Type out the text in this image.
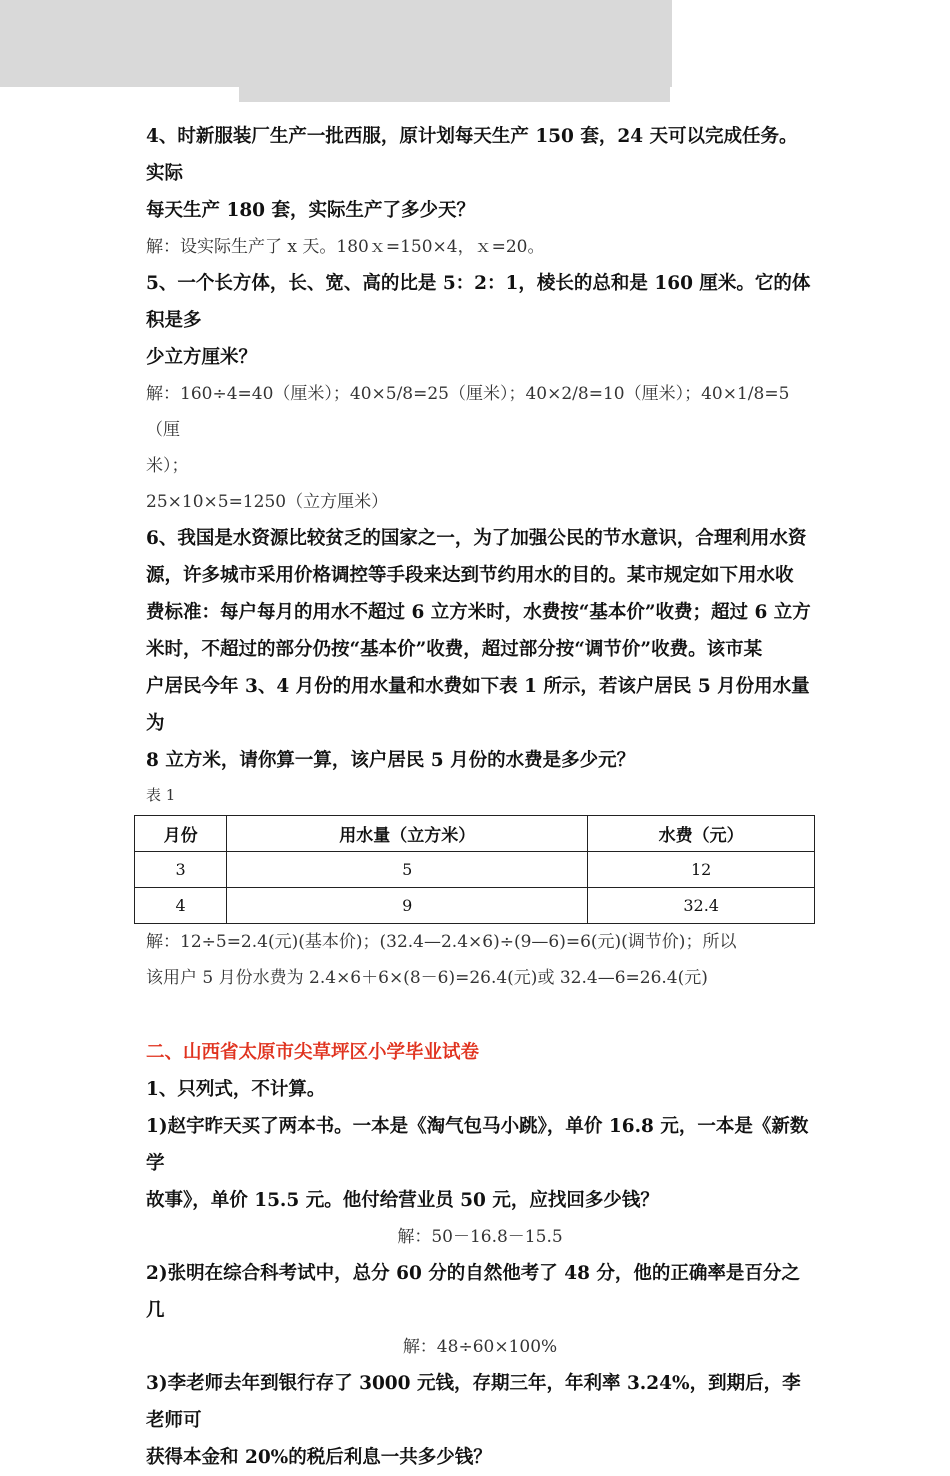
4、时新服装厂生产一批西服，原计划每天生产 150 套，24 天可以完成任务。实际

每天生产 180 套，实际生产了多少天？

解：设实际生产了 x 天。180ｘ=150×4，ｘ=20。

5、一个长方体，长、宽、高的比是 5：2：1，棱长的总和是 160 厘米。它的体积是多

少立方厘米？

解：160÷4=40（厘米）；40×5/8=25（厘米）；40×2/8=10（厘米）；40×1/8=5（厘

米）；

25×10×5=1250（立方厘米）

6、我国是水资源比较贫乏的国家之一，为了加强公民的节水意识，合理利用水资

源，许多城市采用价格调控等手段来达到节约用水的目的。某市规定如下用水收

费标准：每户每月的用水不超过 6 立方米时，水费按“基本价”收费；超过 6 立方

米时，不超过的部分仍按“基本价”收费，超过部分按“调节价”收费。该市某

户居民今年 3、4 月份的用水量和水费如下表 1 所示，若该户居民 5 月份用水量为

8 立方米，请你算一算，该户居民 5 月份的水费是多少元？

表 1

月份	用水量（立方米）	水费（元）
3	5	12
4	9	32.4

解：12÷5=2.4(元)(基本价)；(32.4—2.4×6)÷(9—6)=6(元)(调节价)；所以

该用户 5 月份水费为 2.4×6＋6×(8－6)=26.4(元)或 32.4—6=26.4(元)

二、山西省太原市尖草坪区小学毕业试卷

1、只列式，不计算。

1)赵宇昨天买了两本书。一本是《淘气包马小跳》，单价 16.8 元，一本是《新数学

故事》，单价 15.5 元。他付给营业员 50 元，应找回多少钱？

解：50－16.8－15.5

2)张明在综合科考试中，总分 60 分的自然他考了 48 分，他的正确率是百分之几

解：48÷60×100%

3)李老师去年到银行存了 3000 元钱，存期三年，年利率 3.24%，到期后，李老师可

获得本金和 20%的税后利息一共多少钱？
